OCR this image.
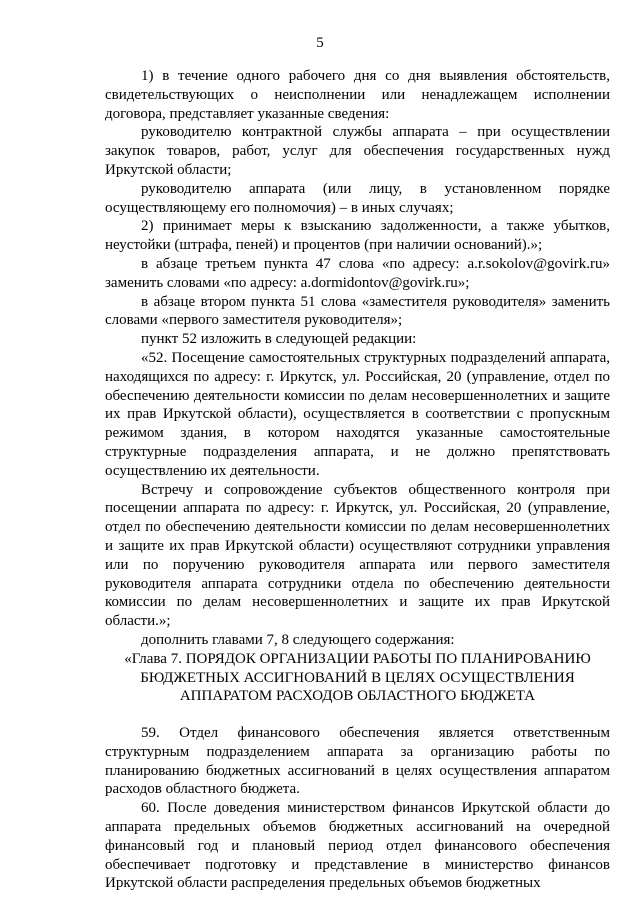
5

1) в течение одного рабочего дня со дня выявления обстоятельств, свидетельствующих о неисполнении или ненадлежащем исполнении договора, представляет указанные сведения:

руководителю контрактной службы аппарата – при осуществлении закупок товаров, работ, услуг для обеспечения государственных нужд Иркутской области;

руководителю аппарата (или лицу, в установленном порядке осуществляющему его полномочия) – в иных случаях;

2) принимает меры к взысканию задолженности, а также убытков, неустойки (штрафа, пеней) и процентов (при наличии оснований).»;

в абзаце третьем пункта 47 слова «по адресу: a.r.sokolov@govirk.ru» заменить словами «по адресу: a.dormidontov@govirk.ru»;

в абзаце втором пункта 51 слова «заместителя руководителя» заменить словами «первого заместителя руководителя»;

пункт 52 изложить в следующей редакции:

«52. Посещение самостоятельных структурных подразделений аппарата, находящихся по адресу: г. Иркутск, ул. Российская, 20 (управление, отдел по обеспечению деятельности комиссии по делам несовершеннолетних и защите их прав Иркутской области), осуществляется в соответствии с пропускным режимом здания, в котором находятся указанные самостоятельные структурные подразделения аппарата, и не должно препятствовать осуществлению их деятельности.

Встречу и сопровождение субъектов общественного контроля при посещении аппарата по адресу: г. Иркутск, ул. Российская, 20 (управление, отдел по обеспечению деятельности комиссии по делам несовершеннолетних и защите их прав Иркутской области) осуществляют сотрудники управления или по поручению руководителя аппарата или первого заместителя руководителя аппарата сотрудники отдела по обеспечению деятельности комиссии по делам несовершеннолетних и защите их прав Иркутской области.»;

дополнить главами 7, 8 следующего содержания:

«Глава 7. ПОРЯДОК ОРГАНИЗАЦИИ РАБОТЫ ПО ПЛАНИРОВАНИЮ

БЮДЖЕТНЫХ АССИГНОВАНИЙ В ЦЕЛЯХ ОСУЩЕСТВЛЕНИЯ

АППАРАТОМ РАСХОДОВ ОБЛАСТНОГО БЮДЖЕТА

59. Отдел финансового обеспечения является ответственным структурным подразделением аппарата за организацию работы по планированию бюджетных ассигнований в целях осуществления аппаратом расходов областного бюджета.

60. После доведения министерством финансов Иркутской области до аппарата предельных объемов бюджетных ассигнований на очередной финансовый год и плановый период отдел финансового обеспечения обеспечивает подготовку и представление в министерство финансов Иркутской области распределения предельных объемов бюджетных
